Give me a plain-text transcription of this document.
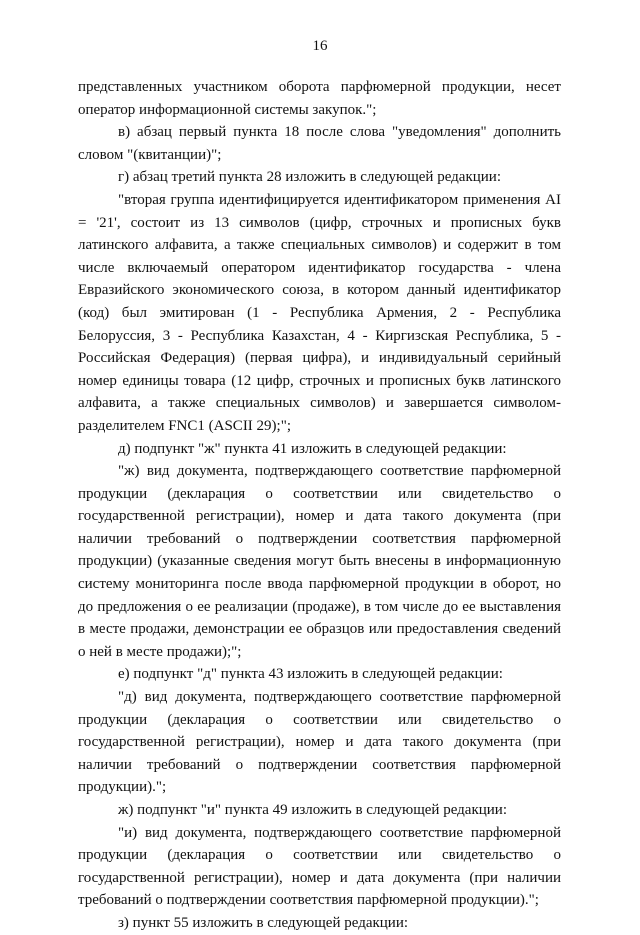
16

представленных участником оборота парфюмерной продукции, несет оператор информационной системы закупок.";

в) абзац первый пункта 18 после слова "уведомления" дополнить словом "(квитанции)";

г) абзац третий пункта 28 изложить в следующей редакции:

"вторая группа идентифицируется идентификатором применения AI = '21', состоит из 13 символов (цифр, строчных и прописных букв латинского алфавита, а также специальных символов) и содержит в том числе включаемый оператором идентификатор государства - члена Евразийского экономического союза, в котором данный идентификатор (код) был эмитирован (1 - Республика Армения, 2 - Республика Белоруссия, 3 - Республика Казахстан, 4 - Киргизская Республика, 5 - Российская Федерация) (первая цифра), и индивидуальный серийный номер единицы товара (12 цифр, строчных и прописных букв латинского алфавита, а также специальных символов) и завершается символом-разделителем FNC1 (ASCII 29);";

д) подпункт "ж" пункта 41 изложить в следующей редакции:

"ж) вид документа, подтверждающего соответствие парфюмерной продукции (декларация о соответствии или свидетельство о государственной регистрации), номер и дата такого документа (при наличии требований о подтверждении соответствия парфюмерной продукции) (указанные сведения могут быть внесены в информационную систему мониторинга после ввода парфюмерной продукции в оборот, но до предложения о ее реализации (продаже), в том числе до ее выставления в месте продажи, демонстрации ее образцов или предоставления сведений о ней в месте продажи);";

е) подпункт "д" пункта 43 изложить в следующей редакции:

"д) вид документа, подтверждающего соответствие парфюмерной продукции (декларация о соответствии или свидетельство о государственной регистрации), номер и дата такого документа (при наличии требований о подтверждении соответствия парфюмерной продукции).";

ж) подпункт "и" пункта 49 изложить в следующей редакции:

"и) вид документа, подтверждающего соответствие парфюмерной продукции (декларация о соответствии или свидетельство о государственной регистрации), номер и дата документа (при наличии требований о подтверждении соответствия парфюмерной продукции).";

з) пункт 55 изложить в следующей редакции:
